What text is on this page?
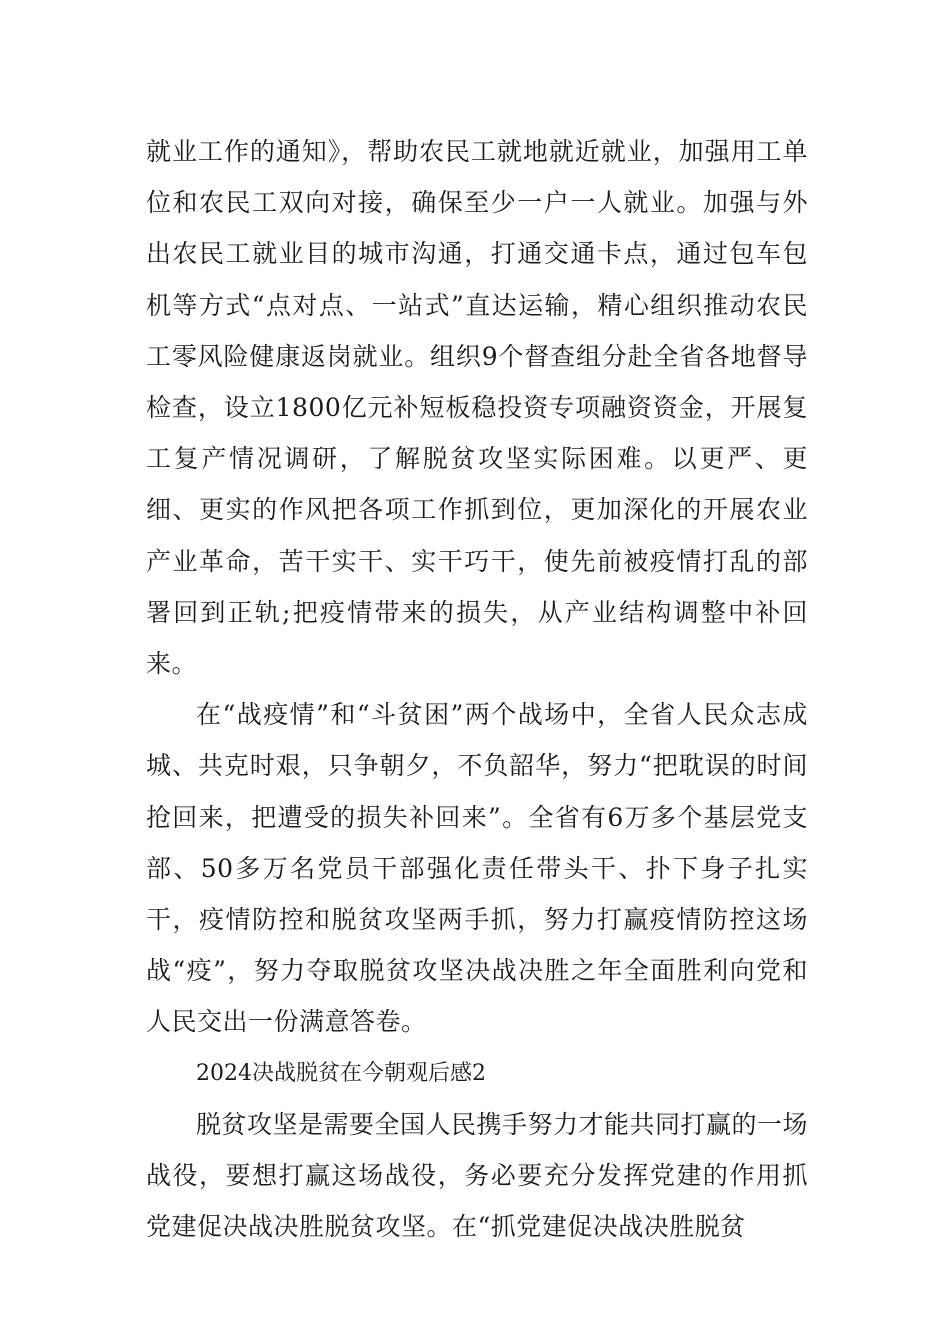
就业工作的通知》，帮助农民工就地就近就业，加强用工单位和农民工双向对接，确保至少一户一人就业。加强与外出农民工就业目的城市沟通，打通交通卡点，通过包车包机等方式“点对点、一站式”直达运输，精心组织推动农民工零风险健康返岗就业。组织9个督查组分赴全省各地督导检查，设立1800亿元补短板稳投资专项融资资金，开展复工复产情况调研，了解脱贫攻坚实际困难。以更严、更细、更实的作风把各项工作抓到位，更加深化的开展农业产业革命，苦干实干、实干巧干，使先前被疫情打乱的部署回到正轨;把疫情带来的损失，从产业结构调整中补回来。

在“战疫情”和“斗贫困”两个战场中，全省人民众志成城、共克时艰，只争朝夕，不负韶华，努力“把耽误的时间抢回来，把遭受的损失补回来”。全省有6万多个基层党支部、50多万名党员干部强化责任带头干、扑下身子扎实干，疫情防控和脱贫攻坚两手抓，努力打赢疫情防控这场战“疫”，努力夺取脱贫攻坚决战决胜之年全面胜利向党和人民交出一份满意答卷。

2024决战脱贫在今朝观后感2

脱贫攻坚是需要全国人民携手努力才能共同打赢的一场战役，要想打赢这场战役，务必要充分发挥党建的作用抓党建促决战决胜脱贫攻坚。在“抓党建促决战决胜脱贫
